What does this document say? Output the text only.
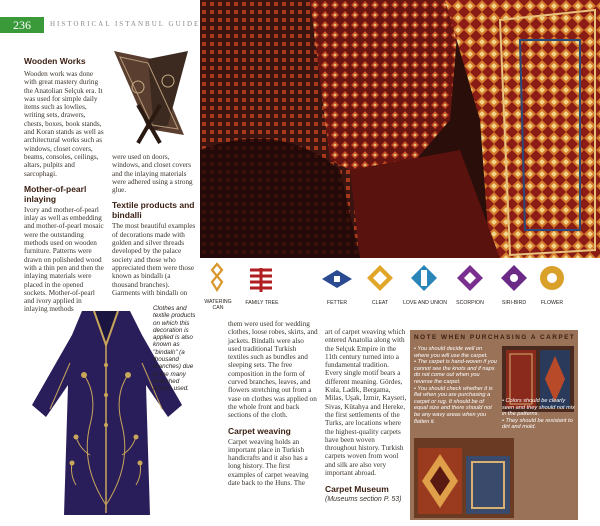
236	HISTORICAL ISTANBUL GUIDE
Wooden Works
Wooden work was done with great mastery during the Anatolian Selçuk era. It was used for simple daily items such as lowlies, writing sets, drawers, chests, boxes, book stands, and Koran stands as well as architectural works such as windows, closet covers, beams, consoles, ceilings, altars, pulpits and sarcophagi.
Mother-of-pearl inlaying
Ivory and mother-of-pearl inlay as well as embedding and mother-of-pearl mosaic were the outstanding methods used on wooden furniture. Patterns were drawn on polisheded wood with a thin pen and then the inlaying materials were placed in the opened sockets. Mother-of-pearl and ivory applied in inlaying methods
were used on doors, windows, and closet covers and the inlaying materials were adhered using a strong glue.
Textile products and bindalli
The most beautiful examples of decorations made with golden and silver threads developed by the palace society and those who appreciated them were those known as bindallı (a thousand branches). Garments with bindallı on
Clothes and textile products on which this decoration is applied is also known as "bindallı" (a thousand branches) due to the many branched figures used.
WATERING CAN
FAMILY TREE	FETTER	CLEAT	LOVE AND UNION	SCORPION	SIRI-BIRD	FLOWER
them were used for wedding clothes, loose robes, skirts, and jackets. Bindallı were also used traditional Turkish textiles such as bundles and sleeping sets. The free composition in the form of curved branches, leaves, and flowers stretching out from a vase on clothes was applied on the whole front and back sections of the cloth.
Carpet weaving
Carpet weaving holds an important place in Turkish handicrafts and it also has a long history. The first examples of carpet weaving date back to the Huns. The
art of carpet weaving which entered Anatolia along with the Selçuk Empire in the 11th century turned into a fundamental tradition. Every single motif bears a different meaning. Gördes, Kula, Ladik, Bergama, Milas, Uşak, İzmir, Kayseri, Sivas, Kütahya and Hereke, the first settlements of the Turks, are locations where the highest-quality carpets have been woven throughout history. Turkish carpets woven from wool and silk are also very important abroad.
Carpet Museum
(Museums section P. 53)
NOTE WHEN PURCHASING A CARPET
• You should decide well on where you will use the carpet.
• The carpet is hand-woven if you cannot see the knots and if naps do not come out when you reverse the carpet.
• You should check whether it is flat when you are purchasing a carpet or rug. It should be of equal size and there should not be any wavy areas when you flatten it.
• Colors should be clearly seen and they should not mix in the patterns.
• They should be resistant to dirt and mold.
